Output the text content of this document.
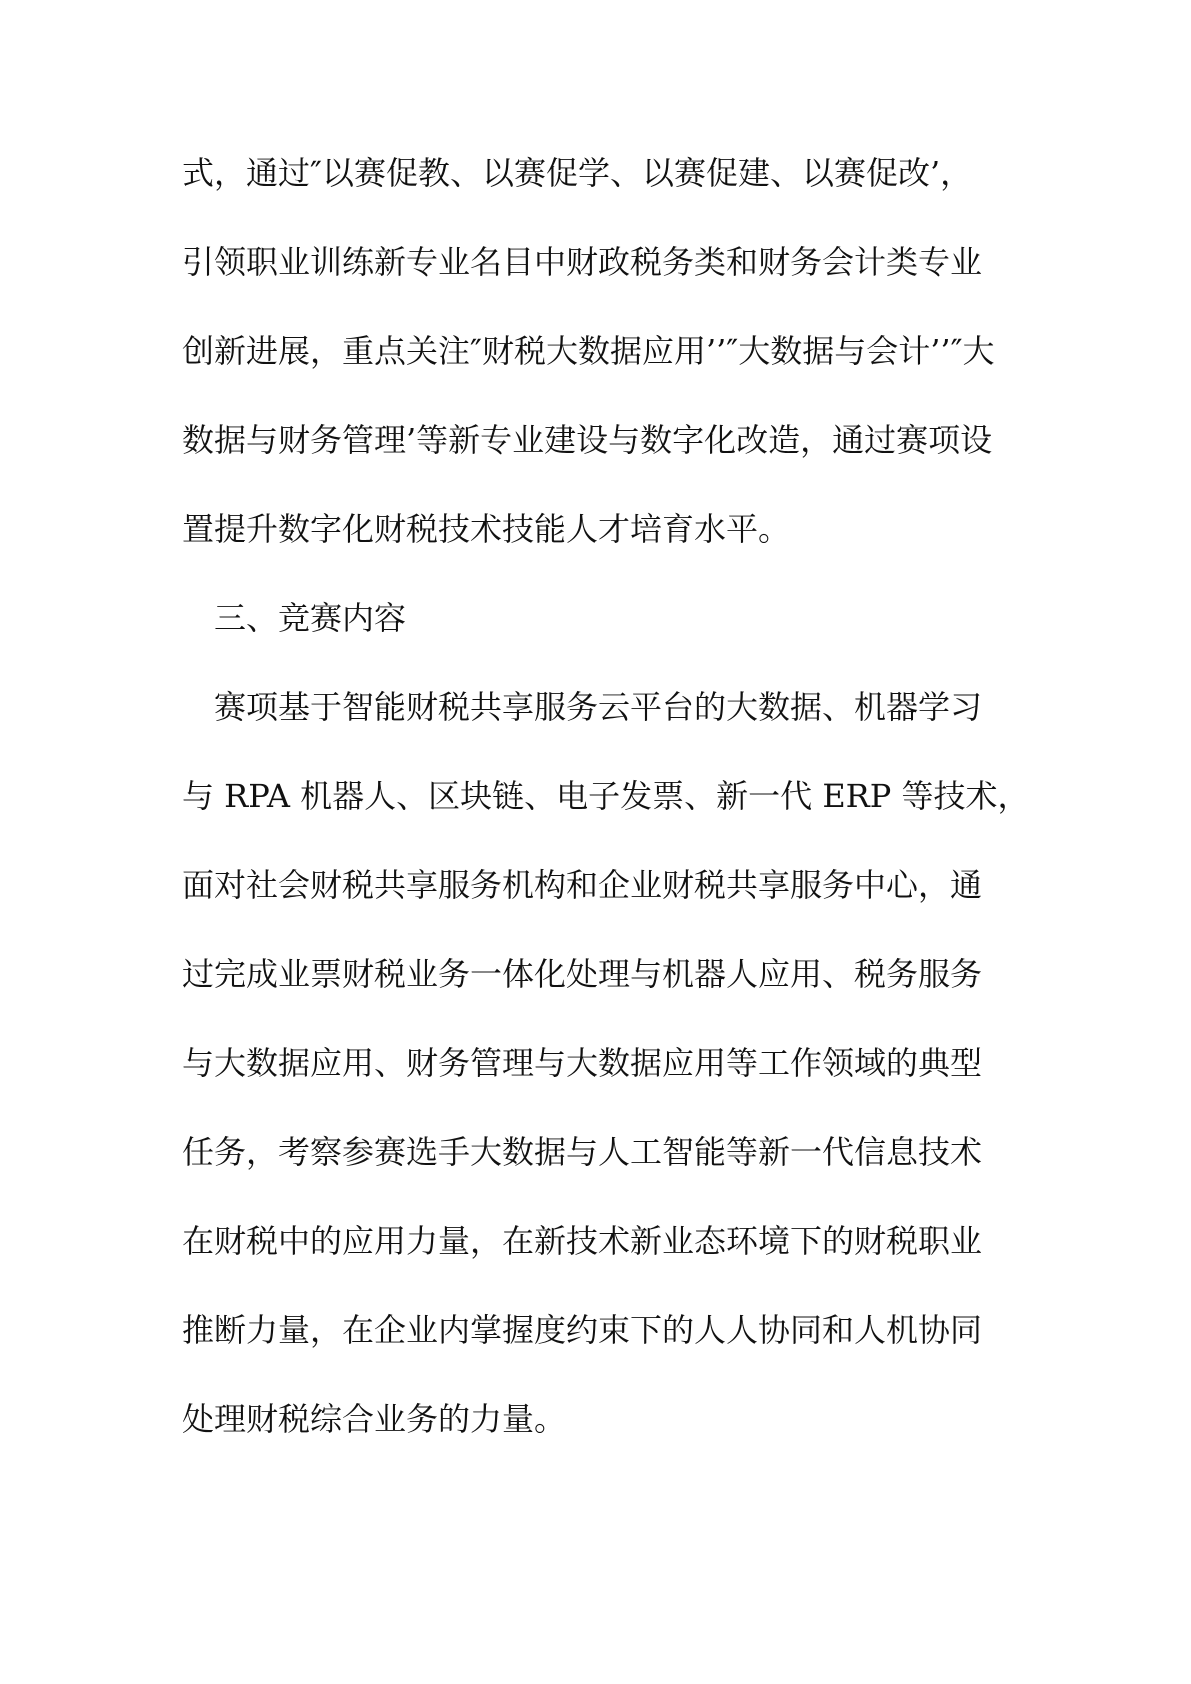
式，通过″以赛促教、以赛促学、以赛促建、以赛促改’，
引领职业训练新专业名目中财政税务类和财务会计类专业
创新进展，重点关注″财税大数据应用’’″大数据与会计’’″大
数据与财务管理’等新专业建设与数字化改造，通过赛项设
置提升数字化财税技术技能人才培育水平。
三、竞赛内容
赛项基于智能财税共享服务云平台的大数据、机器学习
与 RPA 机器人、区块链、电子发票、新一代 ERP 等技术，
面对社会财税共享服务机构和企业财税共享服务中心，通
过完成业票财税业务一体化处理与机器人应用、税务服务
与大数据应用、财务管理与大数据应用等工作领域的典型
任务，考察参赛选手大数据与人工智能等新一代信息技术
在财税中的应用力量，在新技术新业态环境下的财税职业
推断力量，在企业内掌握度约束下的人人协同和人机协同
处理财税综合业务的力量。
